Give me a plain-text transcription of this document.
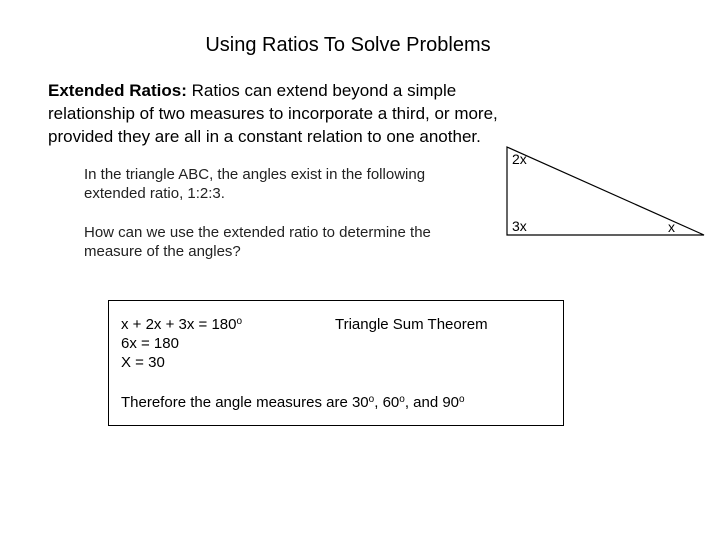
Using Ratios To Solve Problems
Extended Ratios: Ratios can extend beyond a simple relationship of two measures to incorporate a third, or more, provided they are all in a constant relation to one another.
In the triangle ABC, the angles exist in the following extended ratio, 1:2:3.
How can we use the extended ratio to determine the measure of the angles?
$x + 2x + 3x = 180^o$
6x = 180
X = 30
Triangle Sum Theorem
Therefore the angle measures are 30$^o$, 60$^o$, and 90$^o$
2x
3x	x
